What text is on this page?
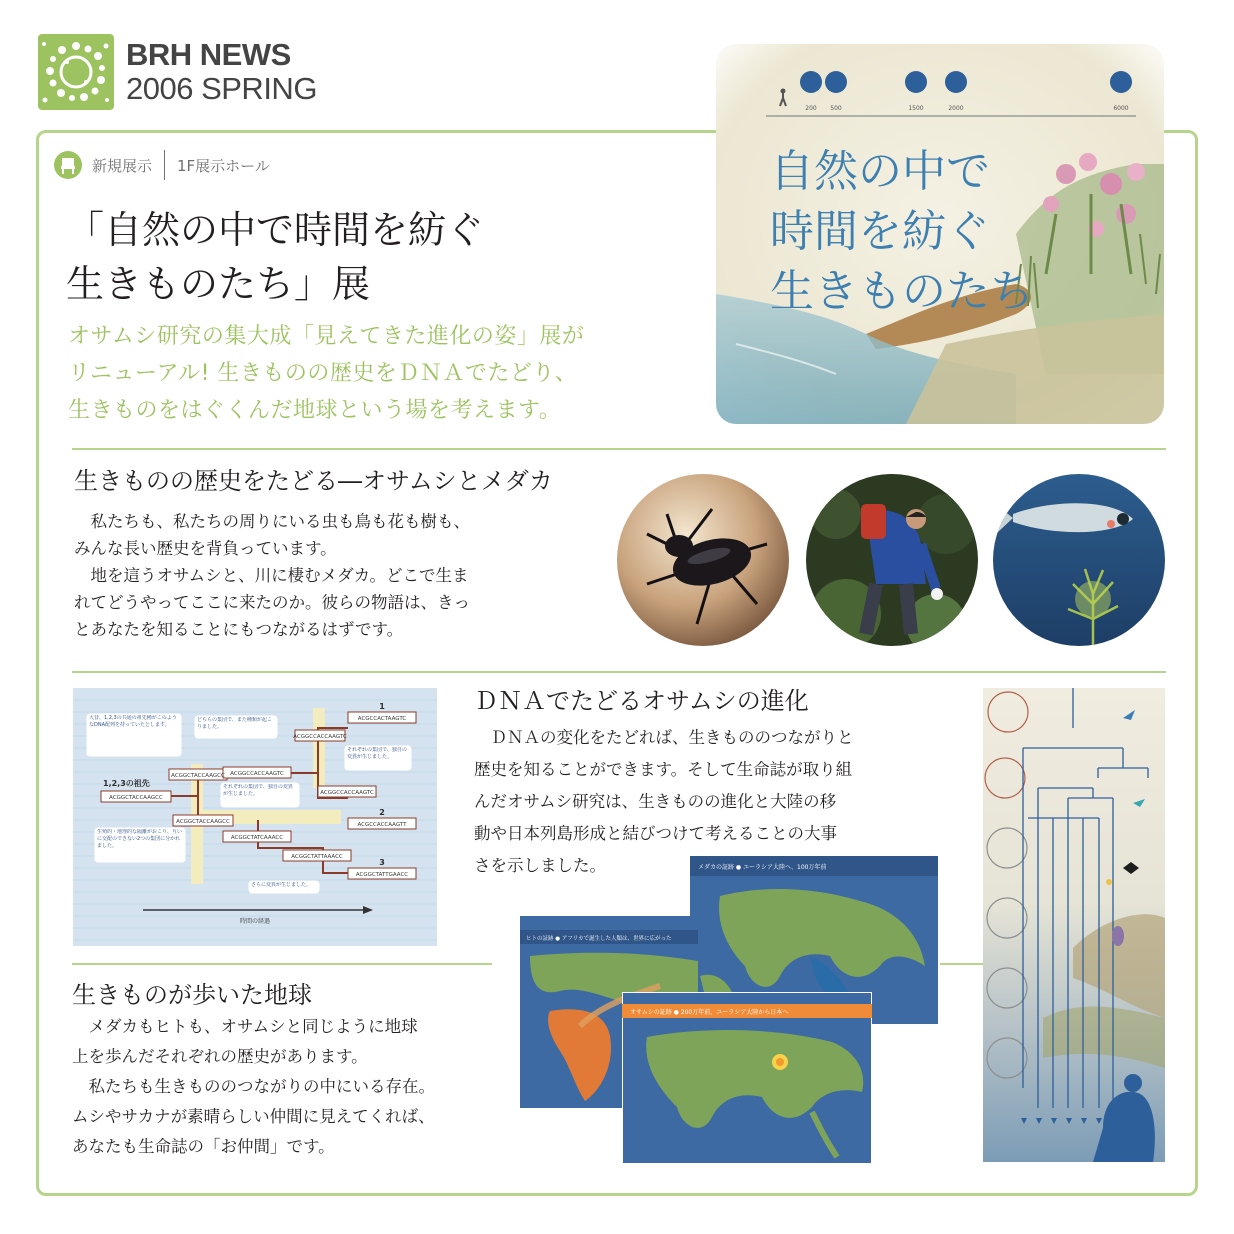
BRH NEWS
2006 SPRING
新規展示 1F展示ホール
「自然の中で時間を紡ぐ
生きものたち」展
オサムシ研究の集大成「見えてきた進化の姿」展が
リニューアル! 生きものの歴史をＤＮＡでたどり、
生きものをはぐくんだ地球という場を考えます。
200 500	1500	2000	6000
自然の中で
時間を紡ぐ
生きものたち
生きものの歴史をたどる―オサムシとメダカ
　私たちも、私たちの周りにいる虫も鳥も花も樹も、
みんな長い歴史を背負っています。
　地を這うオサムシと、川に棲むメダカ。どこで生ま
れてどうやってここに来たのか。彼らの物語は、きっ
とあなたを知ることにもつながるはずです。
ACGGCTACCAAGCC
ACGGCTACCAAGCC ACGGCCACCAAGTC
ACGGCCACCAAGTC
ACGCCACTAAGTC
ACGGCCACCAAGTC
ACGCCACCAAGTT
ACGGCTACCAAGCC
ACGGCTATCAAACC
ACGGCTATTAAACC
ACGGCTATTGAACC
1
2
3
1,2,3の祖先
大昔、1,2,3の共通の祖先種がこのようなDNA配列を持っていたとします。
どちらの集団で、また種類が起こりました。
それぞれの集団で、独自の変異が生じました。
それぞれの集団で、独自の変異が生じました。
生殖的・地理的な隔離がおこり、互いに交配のできない2つの集団に分かれました。
さらに変異が生じました。
時間の経過
ＤＮＡでたどるオサムシの進化
　ＤＮＡの変化をたどれば、生きもののつながりと
歴史を知ることができます。そして生命誌が取り組
んだオサムシ研究は、生きものの進化と大陸の移
動や日本列島形成と結びつけて考えることの大事
さを示しました。	メダカの証跡 ● ユーラシア大陸へ、100万年前
ヒトの証跡 ● アフリカで誕生した人類は、世界に広がった
オサムシの証跡 ● 200万年前、ユーラシア大陸から日本へ
生きものが歩いた地球
　メダカもヒトも、オサムシと同じように地球
上を歩んだそれぞれの歴史があります。
　私たちも生きもののつながりの中にいる存在。
ムシやサカナが素晴らしい仲間に見えてくれば、
あなたも生命誌の「お仲間」です。
